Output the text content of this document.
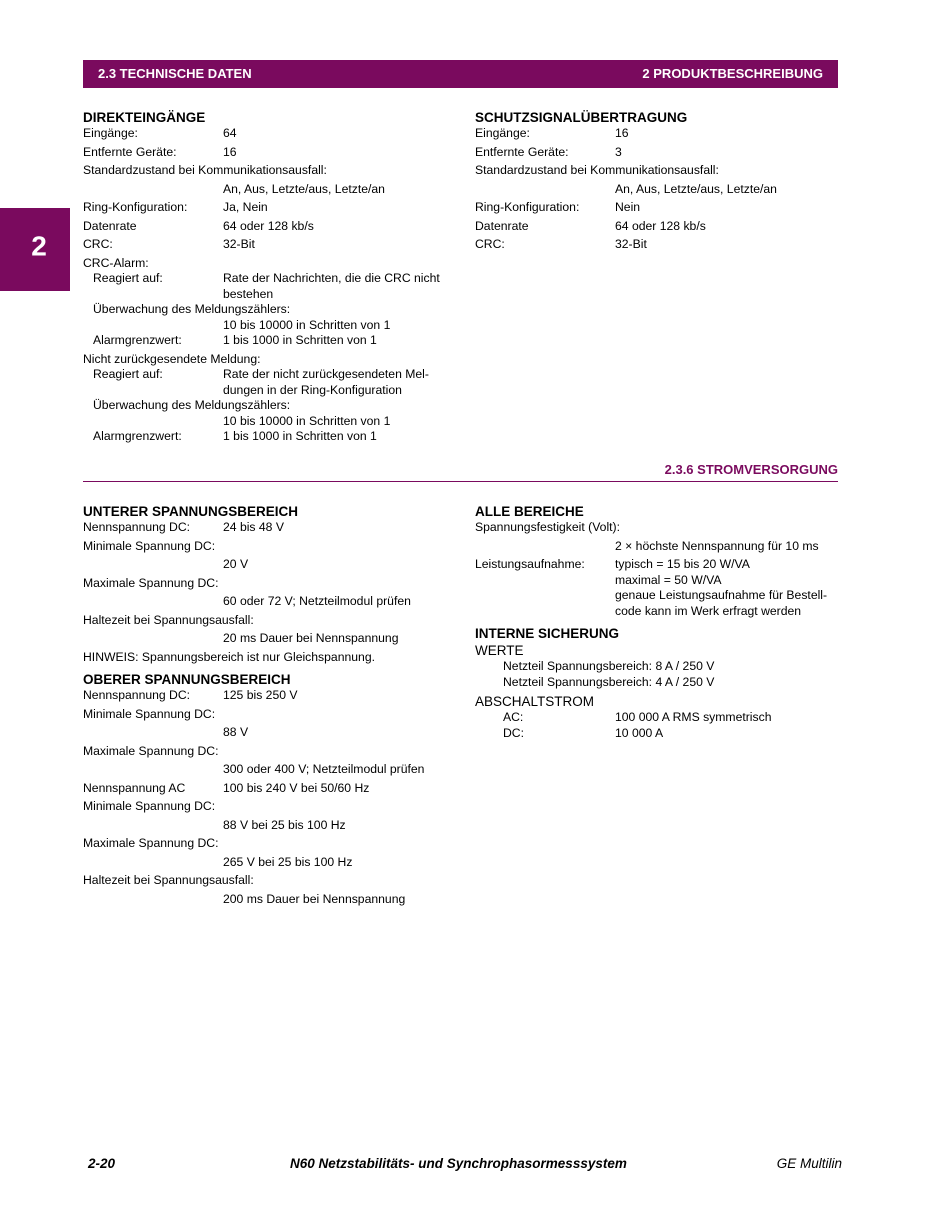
2.3 TECHNISCHE DATEN	2 PRODUKTBESCHREIBUNG
2
DIREKTEINGÄNGE
Eingänge:	64
Entfernte Geräte:	16
Standardzustand bei Kommunikationsausfall:
An, Aus, Letzte/aus, Letzte/an
Ring-Konfiguration:	Ja, Nein
Datenrate	64 oder 128 kb/s
CRC:	32-Bit
CRC-Alarm:
Reagiert auf:	Rate der Nachrichten, die die CRC nicht bestehen
Überwachung des Meldungszählers:
10 bis 10000 in Schritten von 1
Alarmgrenzwert:	1 bis 1000 in Schritten von 1
Nicht zurückgesendete Meldung:
Reagiert auf:	Rate der nicht zurückgesendeten Mel-dungen in der Ring-Konfiguration
Überwachung des Meldungszählers:
10 bis 10000 in Schritten von 1
Alarmgrenzwert:	1 bis 1000 in Schritten von 1
SCHUTZSIGNALÜBERTRAGUNG
Eingänge:	16
Entfernte Geräte:	3
Standardzustand bei Kommunikationsausfall:
An, Aus, Letzte/aus, Letzte/an
Ring-Konfiguration:	Nein
Datenrate	64 oder 128 kb/s
CRC:	32-Bit
2.3.6 STROMVERSORGUNG
UNTERER SPANNUNGSBEREICH
Nennspannung DC:	24 bis 48 V
Minimale Spannung DC:
20 V
Maximale Spannung DC:
60 oder 72 V; Netzteilmodul prüfen
Haltezeit bei Spannungsausfall:
20 ms Dauer bei Nennspannung
HINWEIS: Spannungsbereich ist nur Gleichspannung.
OBERER SPANNUNGSBEREICH
Nennspannung DC:	125 bis 250 V
Minimale Spannung DC:
88 V
Maximale Spannung DC:
300 oder 400 V; Netzteilmodul prüfen
Nennspannung AC	100 bis 240 V bei 50/60 Hz
Minimale Spannung DC:
88 V bei 25 bis 100 Hz
Maximale Spannung DC:
265 V bei 25 bis 100 Hz
Haltezeit bei Spannungsausfall:
200 ms Dauer bei Nennspannung
ALLE BEREICHE
Spannungsfestigkeit (Volt):
2 × höchste Nennspannung für 10 ms
Leistungsaufnahme: typisch = 15 bis 20 W/VA
maximal = 50 W/VA
genaue Leistungsaufnahme für Bestell-code kann im Werk erfragt werden
INTERNE SICHERUNG
WERTE
Netzteil Spannungsbereich: 8 A / 250 V
Netzteil Spannungsbereich: 4 A / 250 V
ABSCHALTSTROM
AC:	100 000 A RMS symmetrisch
DC:	10 000 A
2-20	N60 Netzstabilitäts- und Synchrophasormesssystem	GE Multilin
